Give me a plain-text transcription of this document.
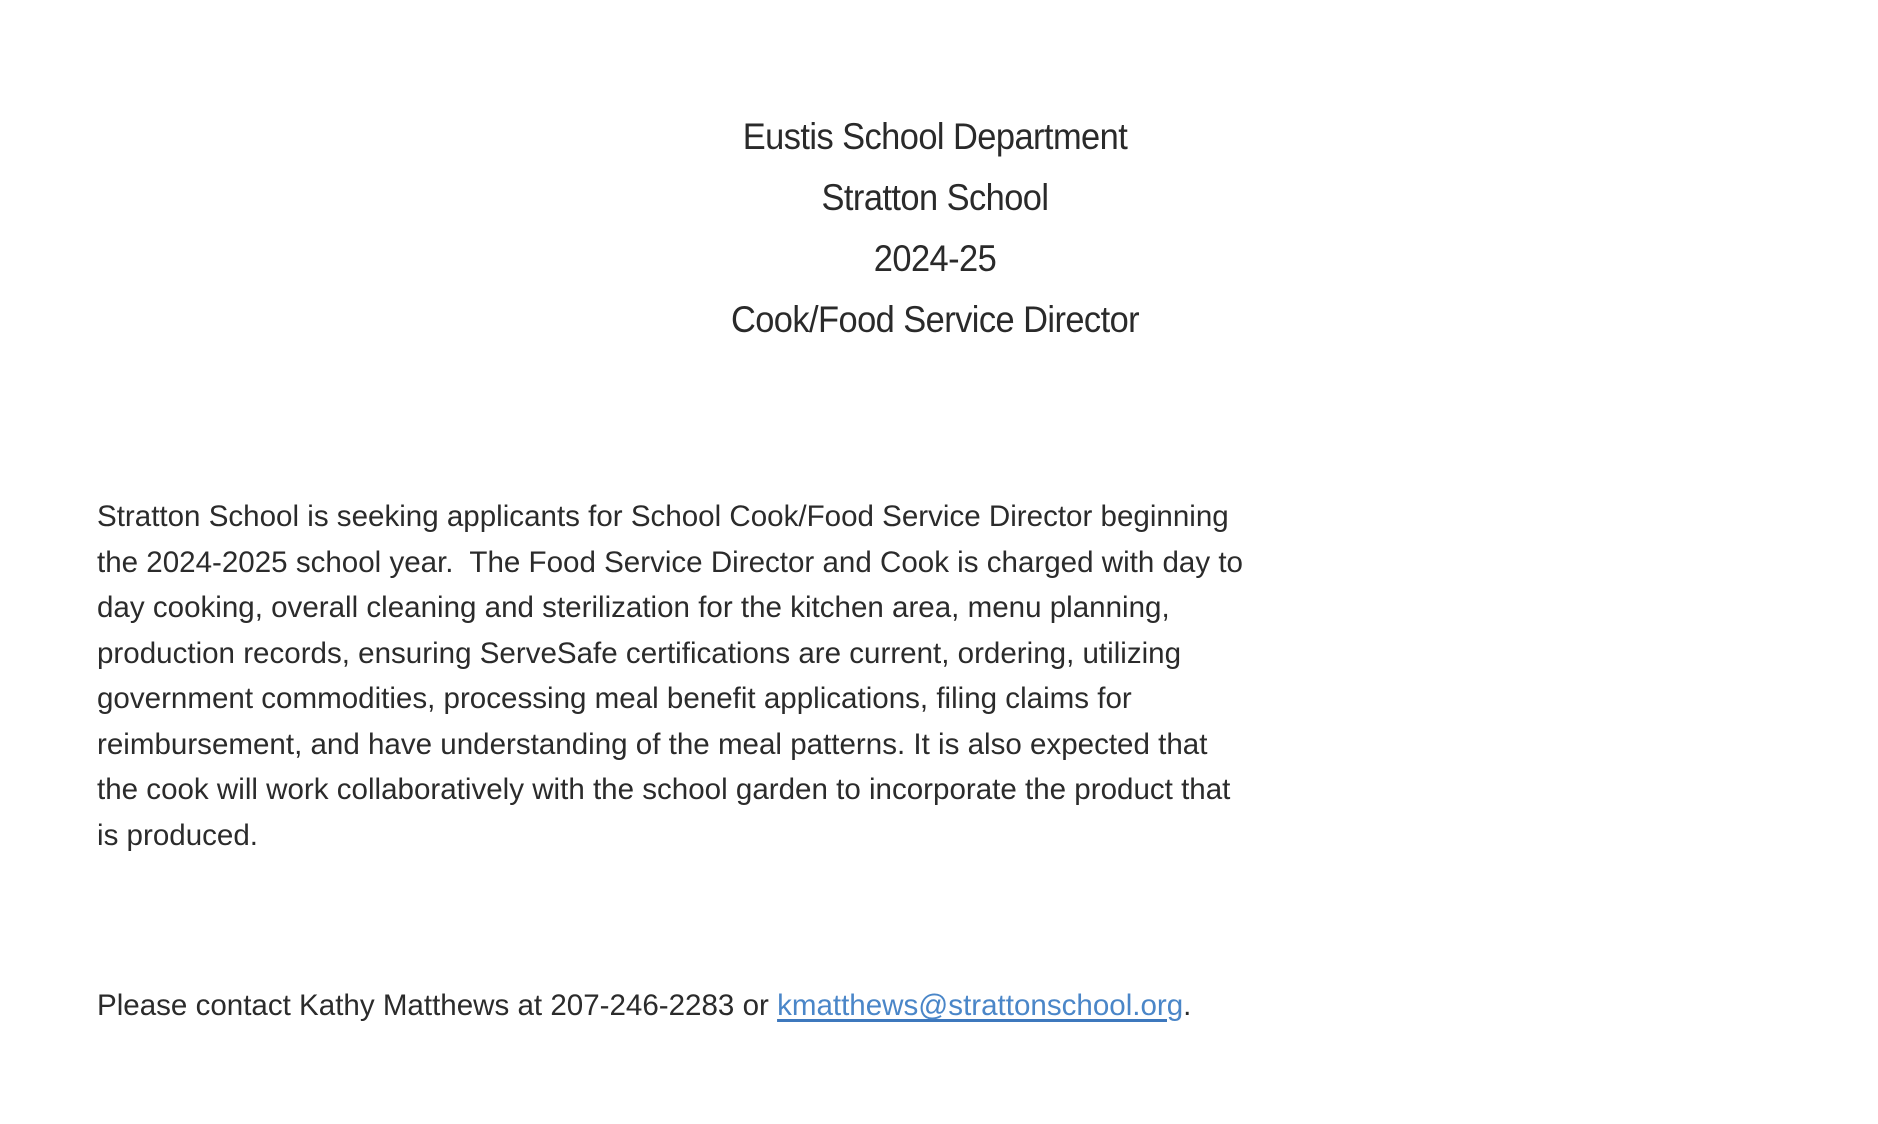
Eustis School Department
Stratton School
2024-25
Cook/Food Service Director
Stratton School is seeking applicants for School Cook/Food Service Director beginning
the 2024-2025 school year.  The Food Service Director and Cook is charged with day to
day cooking, overall cleaning and sterilization for the kitchen area, menu planning,
production records, ensuring ServeSafe certifications are current, ordering, utilizing
government commodities, processing meal benefit applications, filing claims for
reimbursement, and have understanding of the meal patterns. It is also expected that
the cook will work collaboratively with the school garden to incorporate the product that
is produced.
Please contact Kathy Matthews at 207-246-2283 or kmatthews@strattonschool.org.
